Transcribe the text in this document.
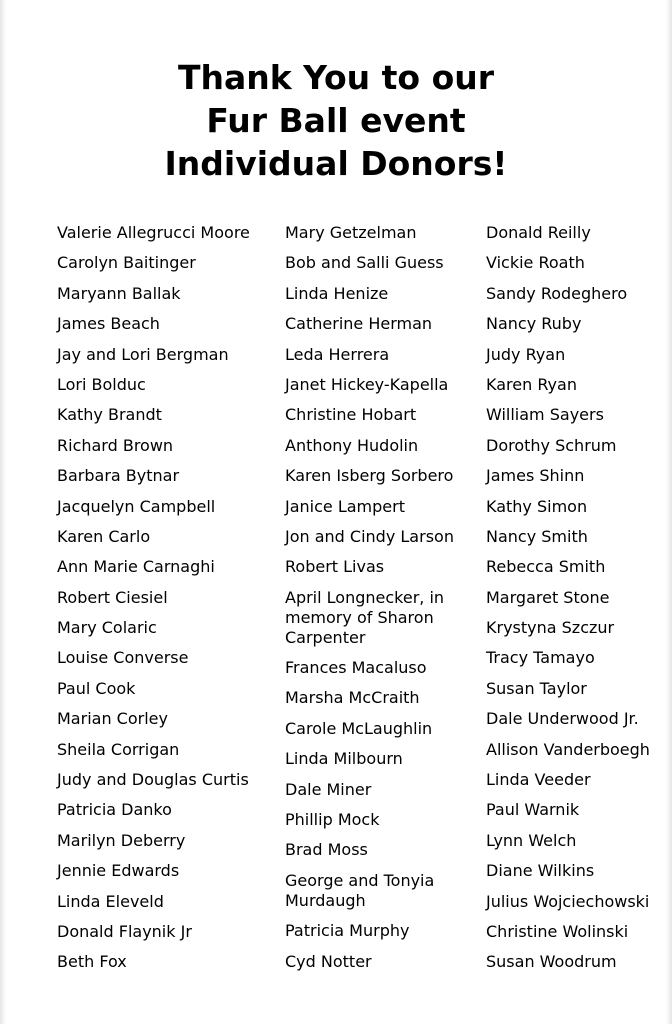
Thank You to our
Fur Ball event
Individual Donors!
Valerie Allegrucci Moore
Carolyn Baitinger
Maryann Ballak
James Beach
Jay and Lori Bergman
Lori Bolduc
Kathy Brandt
Richard Brown
Barbara Bytnar
Jacquelyn Campbell
Karen Carlo
Ann Marie Carnaghi
Robert Ciesiel
Mary Colaric
Louise Converse
Paul Cook
Marian Corley
Sheila Corrigan
Judy and Douglas Curtis
Patricia Danko
Marilyn Deberry
Jennie Edwards
Linda Eleveld
Donald Flaynik Jr
Beth Fox
Mary Getzelman
Bob and Salli Guess
Linda Henize
Catherine Herman
Leda Herrera
Janet Hickey-Kapella
Christine Hobart
Anthony Hudolin
Karen Isberg Sorbero
Janice Lampert
Jon and Cindy Larson
Robert Livas
April Longnecker, in memory of Sharon Carpenter
Frances Macaluso
Marsha McCraith
Carole McLaughlin
Linda Milbourn
Dale Miner
Phillip Mock
Brad Moss
George and Tonyia Murdaugh
Patricia Murphy
Cyd Notter
Donald Reilly
Vickie Roath
Sandy Rodeghero
Nancy Ruby
Judy Ryan
Karen Ryan
William Sayers
Dorothy Schrum
James Shinn
Kathy Simon
Nancy Smith
Rebecca Smith
Margaret Stone
Krystyna Szczur
Tracy Tamayo
Susan Taylor
Dale Underwood Jr.
Allison Vanderboegh
Linda Veeder
Paul Warnik
Lynn Welch
Diane Wilkins
Julius Wojciechowski
Christine Wolinski
Susan Woodrum
